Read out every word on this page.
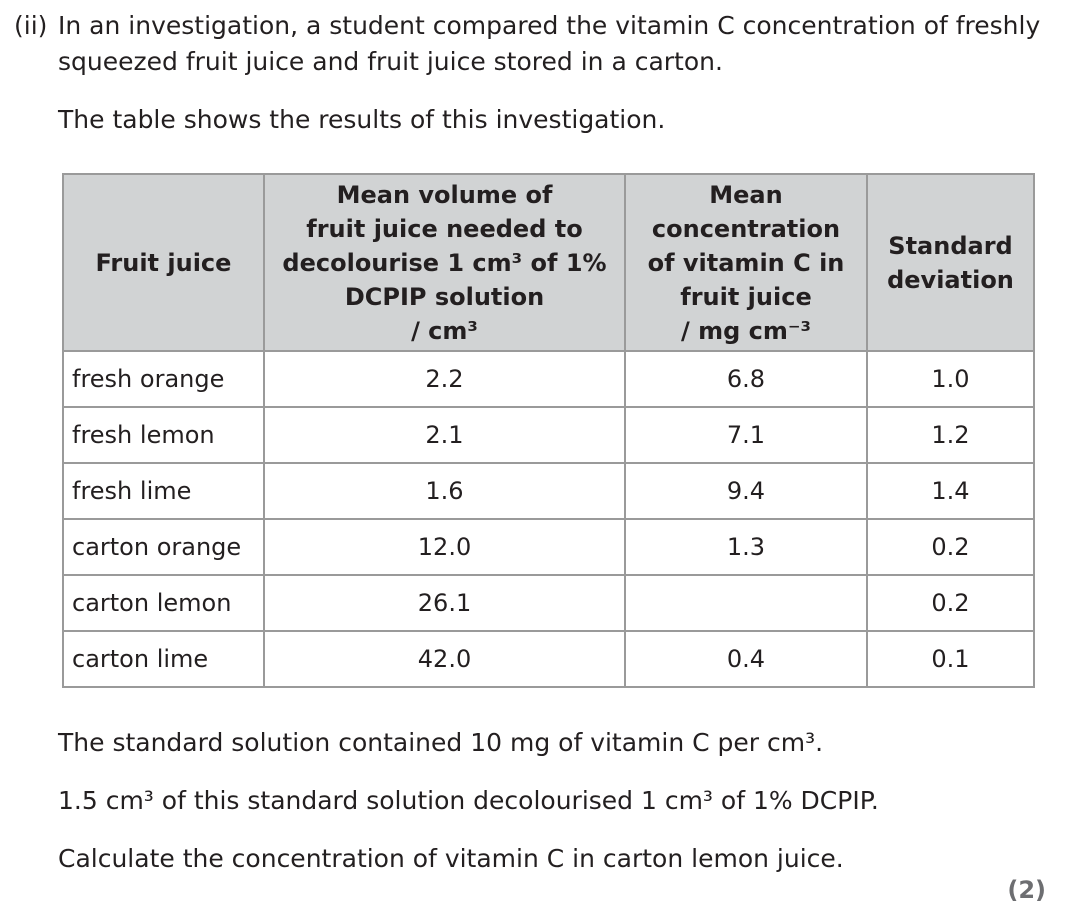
(ii) In an investigation, a student compared the vitamin C concentration of freshly
squeezed fruit juice and fruit juice stored in a carton.
The table shows the results of this investigation.
Fruit juice	Mean volume of
fruit juice needed to
decolourise 1 cm³ of 1%
DCPIP solution
/ cm³	Mean
concentration
of vitamin C in
fruit juice
/ mg cm⁻³	Standard
deviation

fresh orange	2.2	6.8	1.0
fresh lemon	2.1	7.1	1.2
fresh lime	1.6	9.4	1.4
carton orange	12.0	1.3	0.2
carton lemon	26.1		0.2
carton lime	42.0	0.4	0.1
The standard solution contained 10 mg of vitamin C per cm³.
1.5 cm³ of this standard solution decolourised 1 cm³ of 1% DCPIP.
Calculate the concentration of vitamin C in carton lemon juice.
(2)
